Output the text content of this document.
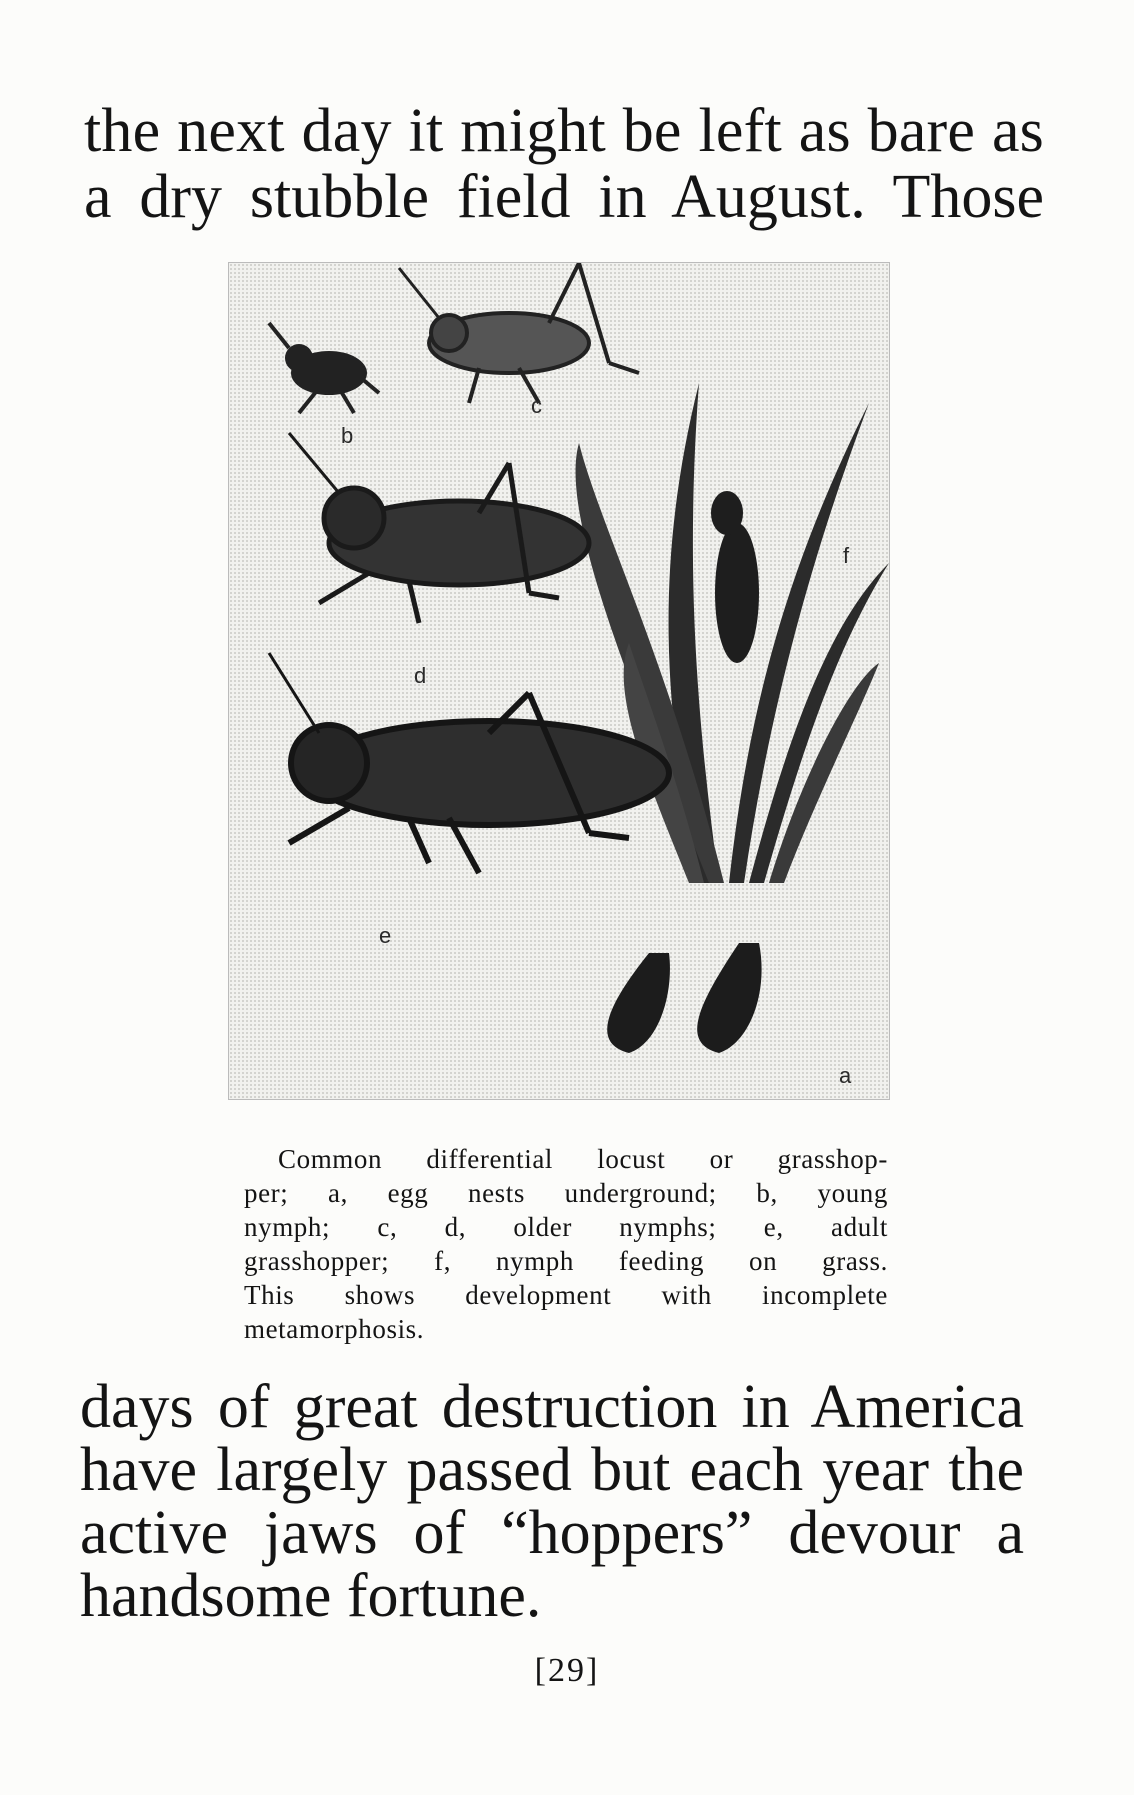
the next day it might be left as bare as
a dry stubble field in August. Those
b
c
d
e
f
a
Common differential locust or grasshop-
per; a, egg nests underground; b, young
nymph; c, d, older nymphs; e, adult
grasshopper; f, nymph feeding on grass.
This shows development with incomplete
metamorphosis.
days of great destruction in America
have largely passed but each year the
active jaws of “hoppers” devour a
handsome fortune.
[29]
